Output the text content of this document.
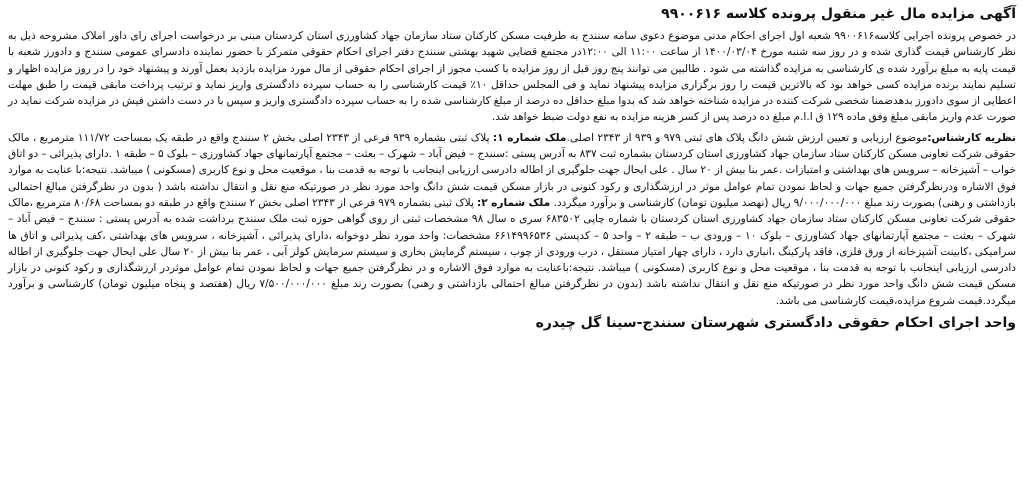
آگهی مزایده مال غیر منقول پرونده کلاسه ۹۹۰۰۶۱۶

در خصوص پرونده اجرایی کلاسه۹۹۰۰۶۱۶ شعبه اول اجرای احکام مدنی موضوع دعوی سامه سنندج به طرفیت مسکن کارکنان ستاد سازمان جهاد کشاورزی استان کردستان مبنی بر درخواست اجرای رای داور املاک مشروحه ذیل به نظر کارشناس قیمت گذاری شده و در روز سه شنبه مورخ ۱۴۰۰/۰۳/۰۴ از ساعت ۱۱:۰۰ الی ۱۲:۰۰در مجتمع قضایی شهید بهشتی سنندج دفتر اجرای احکام حقوقی متمرکز با حضور نماینده دادسرای عمومی سنندج و دادورز شعبه با قیمت پایه به مبلغ برآورد شده ی کارشناسی به مزایده گذاشته می شود . طالبین می توانند پنج روز قبل از روز مزایده با کسب مجوز از اجرای احکام حقوقی از مال مورد مزایده بازدید بعمل آورند و پیشنهاد خود را در روز مزایده اظهار و تسلیم نمایند برنده مزایده کسی خواهد بود که بالاترین قیمت را روز برگزاری مزایده پیشنهاد نماید و فی المجلس حداقل ۱۰٪ قیمت کارشناسی را به حساب سپرده دادگستری واریز نماید و ترتیب پرداخت مابقی قیمت را طبق مهلت اعطایی از سوی دادورز بدهدضمنا شخصی شرکت کننده در مزایده شناخته خواهد شد که بدوا مبلغ حداقل ده درصد از مبلغ کارشناسی شده را به حساب سپرده دادگستری واریز و سپس با در دست داشتن فیش در مزایده شرکت نماید در صورت عدم واریز مابقی مبلغ وفق ماده ۱۲۹ ق ا.ا.م مبلغ ده درصد پس از کسر هزینه مزایده به نفع دولت ضبط خواهد شد.

نظریه کارشناس:موضوع ارزیابی و تعیین ارزش شش دانگ پلاک های ثبتی ۹۷۹ و ۹۳۹ از ۲۳۴۳ اصلی.ملک شماره ۱: پلاک ثبتی بشماره ۹۳۹ فرعی از ۲۳۴۳ اصلی بخش ۲ سنندج واقع در طبقه یک بمساحت ۱۱۱/۷۲ مترمربع ، مالک حقوقی شرکت تعاونی مسکن کارکنان ستاد سازمان جهاد کشاورزی استان کردستان بشماره ثبت ۸۳۷ به آدرس پستی :سنندج – فیض آباد – شهرک – بعثت – مجتمع آپارتمانهای جهاد کشاورزی – بلوک ۵ – طبقه ۱ .دارای پذیرائی – دو اتاق خواب – آشپزخانه – سرویس های بهداشتی و امتیازات .عمر بنا بیش از ۲۰ سال . علی ایحال جهت جلوگیری از اطاله دادرسی ارزیابی اینجانب با توجه به قدمت بنا ، موقعیت محل و نوع کاربری (مسکونی ) میباشد. نتیجه:با عنایت به موارد فوق الاشاره ودرنظرگرفتن جمیع جهات و لحاظ نمودن تمام عوامل موثر در ارزشگذاری و رکود کنونی در بازار مسکن قیمت شش دانگ واحد مورد نظر در صورتیکه منع نقل و انتقال نداشته باشد ( بدون در نظرگرفتن مبالغ احتمالی بازداشتی و رهنی) بصورت رند مبلغ ۹/۰۰۰/۰۰۰/۰۰۰ ریال (نهصد میلیون تومان) کارشناسی و برآورد میگردد. ملک شماره ۲: پلاک ثبتی بشماره ۹۷۹ فرعی از ۲۳۴۳ اصلی بخش ۲ سنندج واقع در طبقه دو بمساحت ۸۰/۶۸ مترمربع ،مالک حقوقی شرکت تعاونی مسکن کارکنان ستاد سازمان جهاد کشاورزی استان کردستان با شماره چاپی ۶۸۳۵۰۲ سری ه سال ۹۸ مشخصات ثبتی از روی گواهی حوزه ثبت ملک سنندج برداشت شده به آدرس پستی : سنندج – فیض آباد – شهرک – بعثت – مجتمع آپارتمانهای جهاد کشاورزی – بلوک ۱۰ – ورودی ب – طبقه ۲ – واحد ۵ – کدپستی ۶۶۱۴۹۹۶۵۳۶ مشخصات: واحد مورد نظر دوخوابه ،دارای پذیرائی ، آشپزخانه ، سرویس های بهداشتی ،کف پذیرائی و اتاق ها سرامیکی ،کابینت آشپزخانه از ورق فلزی، فاقد پارکینگ ،انباری دارد ، دارای چهار امتیاز مستقل ، درب ورودی از چوب ، سیستم گرمایش بخاری و سیستم سرمایش کولر آبی ، عمر بنا بیش از ۲۰ سال علی ایحال جهت جلوگیری از اطاله دادرسی ارزیابی اینجانب با توجه به قدمت بنا ، موقعیت محل و نوع کاربری (مسکونی ) میباشد. نتیجه:باعنایت به موارد فوق الاشاره و در نظرگرفتن جمیع جهات و لحاظ نمودن تمام عوامل موثردر ارزشگذاری و رکود کنونی در بازار مسکن قیمت شش دانگ واحد مورد نظر در صورتیکه منع نقل و انتقال نداشته باشد (بدون در نظرگرفتن مبالغ احتمالی بازداشتی و رهنی) بصورت رند مبلغ ۷/۵۰۰/۰۰۰/۰۰۰ ریال (هفتصد و پنجاه میلیون تومان) کارشناسی و برآورد میگردد.قیمت شروع مزایده،قیمت کارشناسی می باشد.

واحد اجرای احکام حقوقی دادگستری شهرستان سنندج-سینا گل چیدره
